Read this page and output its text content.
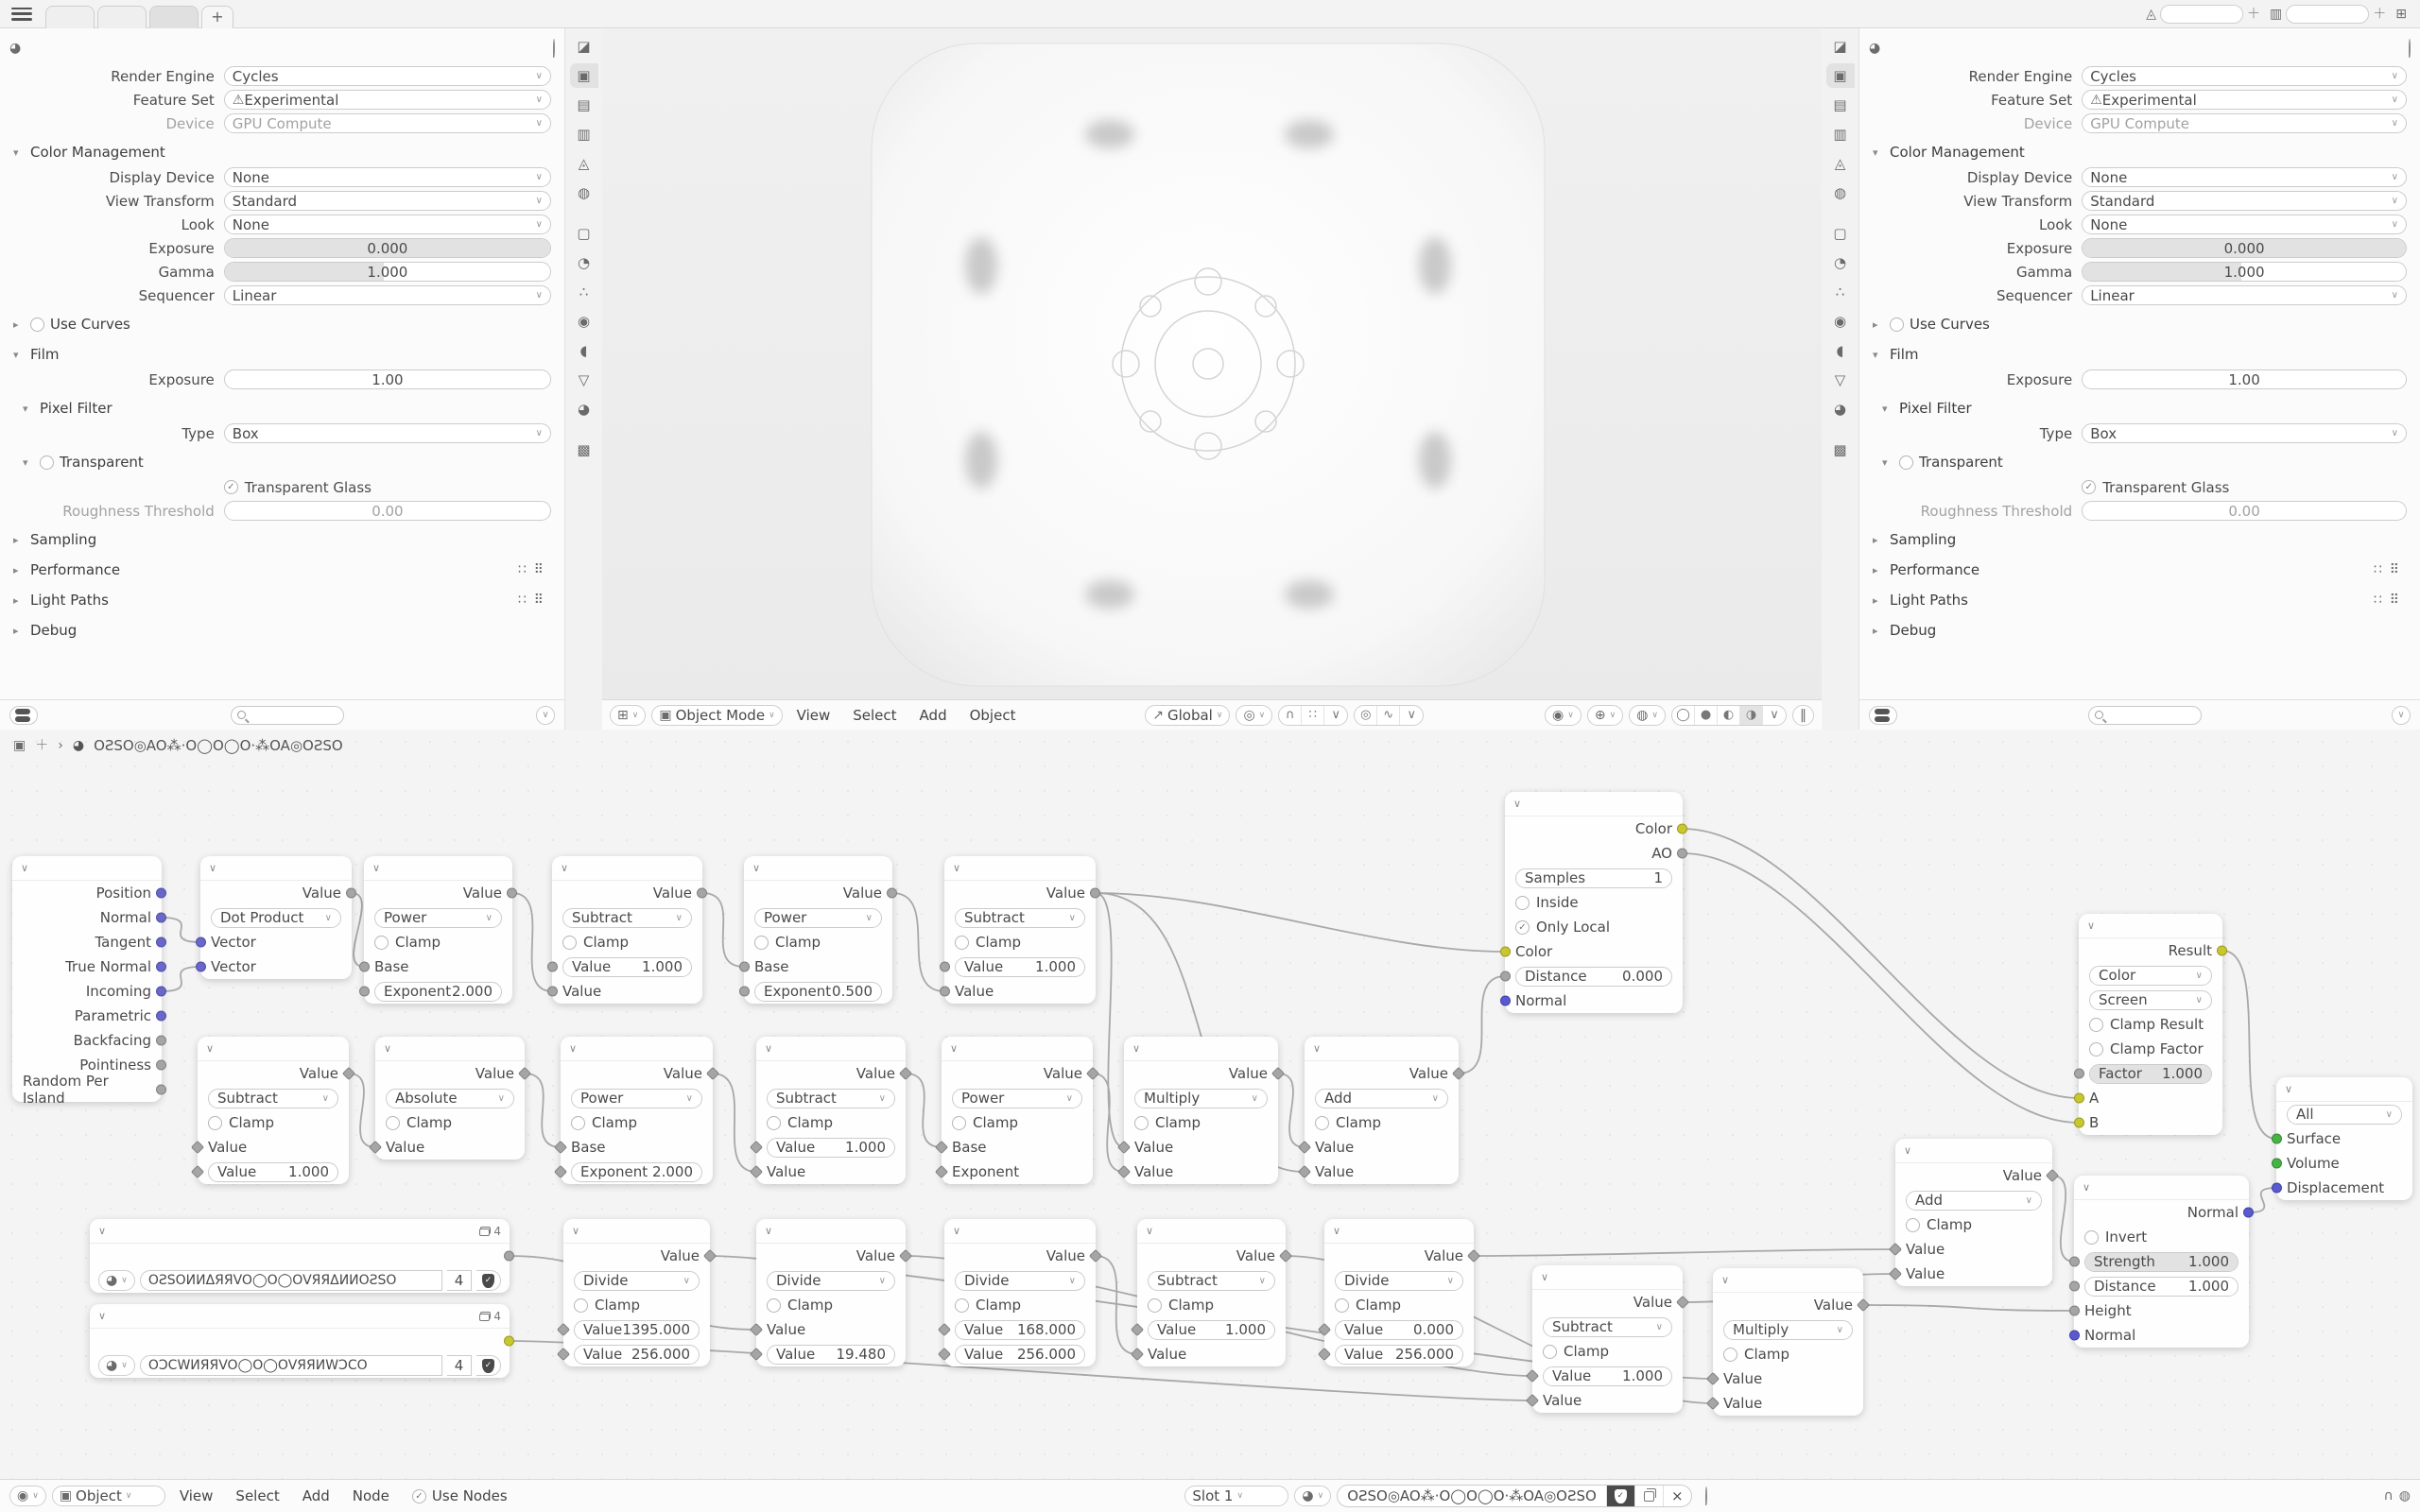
+	◬	＋ ▥	＋ ⊞
◪
▣
▤
▥
◬
◍
▢
◔
∴
◉
◖
▽
◕
▩
◕
Render Engine	Cycles	∨
Feature Set	⚠ Experimental	∨
Device	GPU Compute	∨
▾ Color Management
Display Device	None	∨
View Transform	Standard	∨
Look	None	∨
Exposure	0.000
Gamma	1.000
Sequencer	Linear	∨
▸	Use Curves
▾ Film
Exposure	1.00
▾ Pixel Filter
Type	Box	∨
▾	Transparent
✓
Transparent Glass
Roughness Threshold	0.00
▸ Sampling
▸ Performance	∷ ⠿
▸ Light Paths	∷ ⠿
▸ Debug
∨	⊞ ∨ ▣ Object Mode ∨	View	Select	Add	Object	↗ Global ∨ ◎ ∨	∩	∷	∨	◎ ∿	∨	◉ ∨ ⊕ ∨ ◍ ∨	◯ ● ◐ ◑	∨	‖
◪
▣
▤
▥
◬
◍
▢
◔
∴
◉
◖
▽
◕
▩
◕
Render Engine	Cycles	∨
Feature Set	⚠ Experimental	∨
Device	GPU Compute	∨
▾ Color Management
Display Device	None	∨
View Transform	Standard	∨
Look	None	∨
Exposure	0.000
Gamma	1.000
Sequencer	Linear	∨
▸	Use Curves
▾ Film
Exposure	1.00
▾ Pixel Filter
Type	Box	∨
▾	Transparent
✓
Transparent Glass
Roughness Threshold	0.00
▸ Sampling
▸ Performance	∷ ⠿
▸ Light Paths	∷ ⠿
▸ Debug
∨
▣ ＋ › ◕ OƧSO◎AO⁂·O◯O◯O·⁂OA◎OƧSO
∨
Position
Normal
Tangent
True Normal
Incoming
Parametric
Backfacing
Pointiness
Random Per Island
∨
Value
Dot Product ∨
Vector
Vector
∨
Value
Power	∨
Clamp
Base
Exponent 2.000
∨
Value
Subtract	∨
Clamp
Value 1.000
Value
∨
Value
Power	∨
Clamp
Base
Exponent 0.500
∨
Value
Subtract	∨
Clamp
Value 1.000
Value
∨
Value
Subtract	∨
Clamp
Value
Value 1.000
∨
Value
Absolute	∨
Clamp
Value
∨
Value
Power	∨
Clamp
Base
Exponent 2.000
∨
Value
Subtract	∨
Clamp
Value 1.000
Value
∨
Value
Power	∨
Clamp
Base
Exponent
∨
Value
Multiply	∨
Clamp
Value
Value
∨
Value
Add	∨
Clamp
Value
Value
∨	4
◕ ∨	OƧSOИИΔЯЯVO◯O◯OVЯЯΔИИOƧSO	4	✓
∨	4
◕ ∨	OƆCWИЯЯVO◯O◯OVЯЯИWƆCO	4	✓
∨
Value
Divide	∨
Clamp
Value 1395.000
Value 256.000
∨
Value
Divide	∨
Clamp
Value
Value 19.480
∨
Value
Divide	∨
Clamp
Value 168.000
Value 256.000
∨
Value
Subtract	∨
Clamp
Value 1.000
Value
∨
Value
Divide	∨
Clamp
Value 0.000
Value 256.000
∨
Value
Subtract	∨
Clamp
Value 1.000
Value
∨
Value
Multiply	∨
Clamp
Value
Value
∨
Value
Add	∨
Clamp
Value
Value
∨
Color
AO
Samples	1
Inside
✓
Only Local
Color
Distance 0.000
Normal
∨
Result
Color	∨
Screen	∨
Clamp Result
Clamp Factor
Factor 1.000
A
B
∨
Normal
Invert
Strength 1.000
Distance 1.000
Height
Normal
∨
All	∨
Surface
Volume
Displacement
◉ ∨ ▣ Object ∨	View	Select	Add	Node ✓	Use Nodes	Slot 1 ∨	◕ ∨	OƧSO◎AO⁂·O◯O◯O·⁂OA◎OƧSO	✓	×	∩ ◍
